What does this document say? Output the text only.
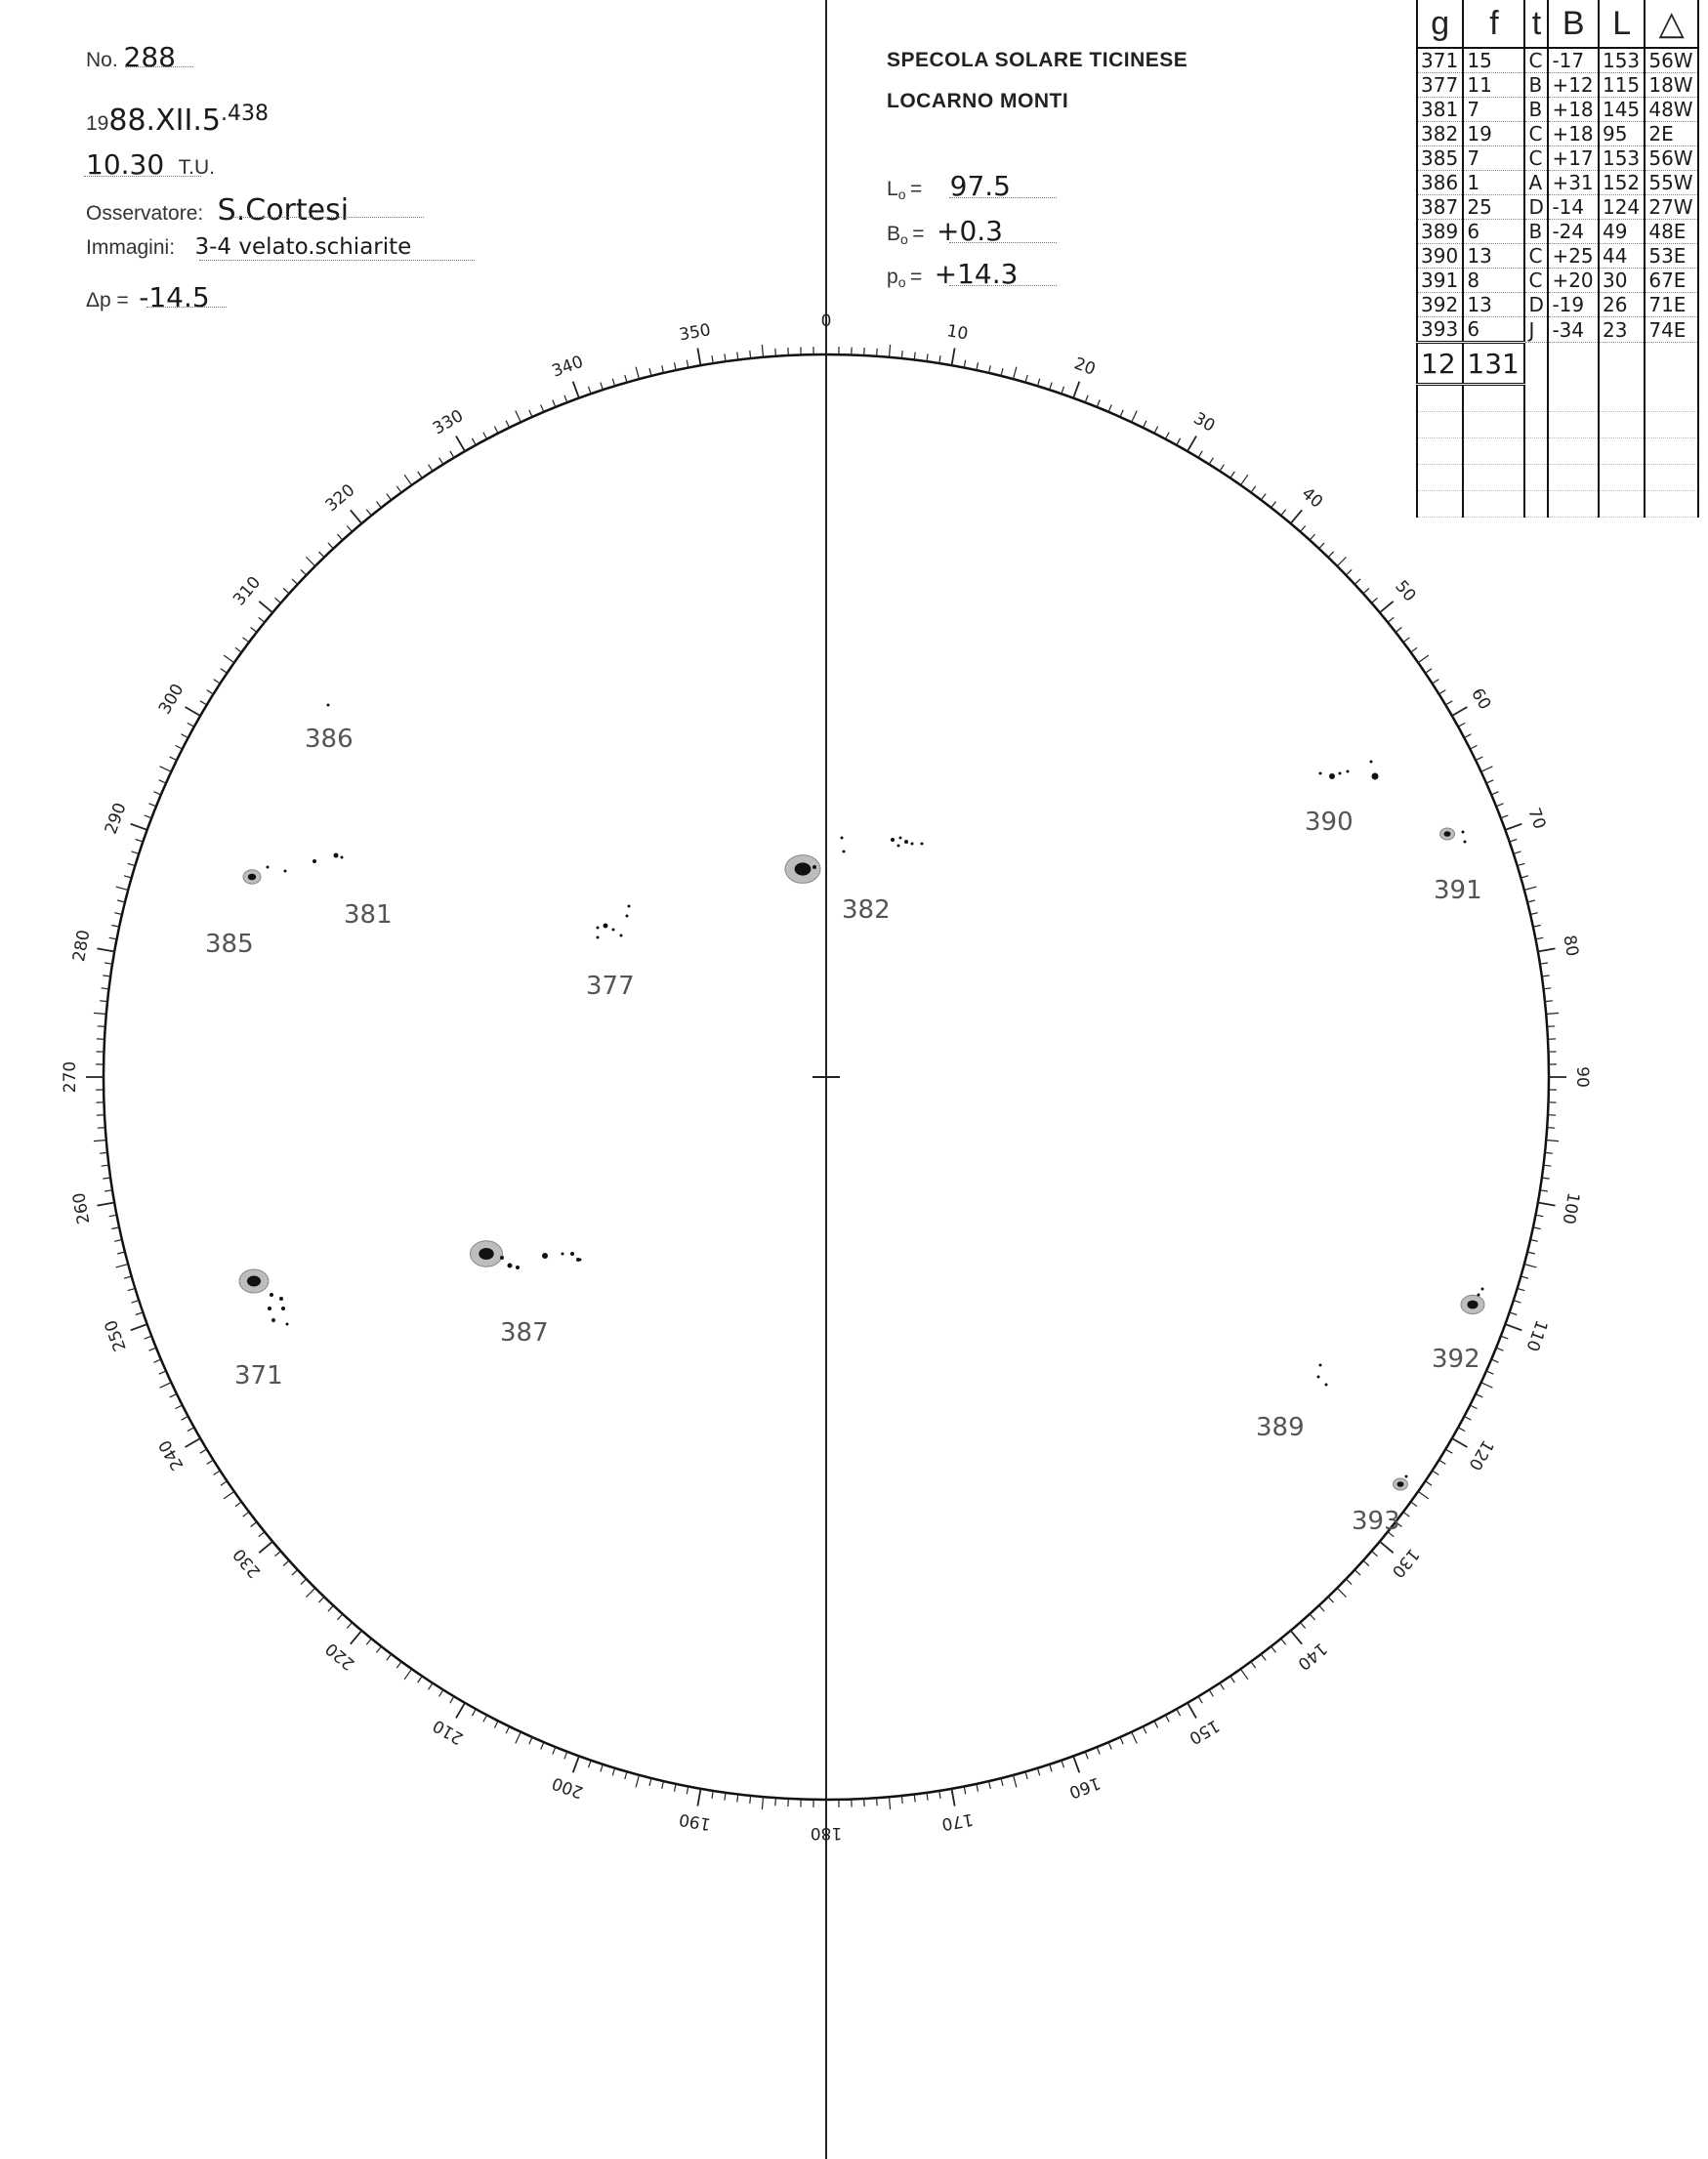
No. 288
1988.XII.5.438
10.30 T.U.
Osservatore: S.Cortesi
Immagini: 3-4 velato.schiarite
Δp = -14.5
SPECOLA SOLARE TICINESE
LOCARNO MONTI
$L_o = 97.5$
$B_o = +0.3$
$p_o = +14.3$
g	f	t	B	L	△
371	15	C	-17	153	56W
377	11	B	+12	115	18W
381	7	B	+18	145	48W
382	19	C	+18	95	2E
385	7	C	+17	153	56W
386	1	A	+31	152	55W
387	25	D	-14	124	27W
389	6	B	-24	49	48E
390	13	C	+25	44	53E
391	8	C	+20	30	67E
392	13	D	-19	26	71E
393	6	J	-34	23	74E
12	131				

0
10
20
30
40
50
60
70
80
90
100
110
120
130
140
150
160
170
180
190
200
210
220
230
240
250
260
270
280
290
300
310
320
330
340
350
386
385
381
377
382
390
391
371
387
389
392
393
